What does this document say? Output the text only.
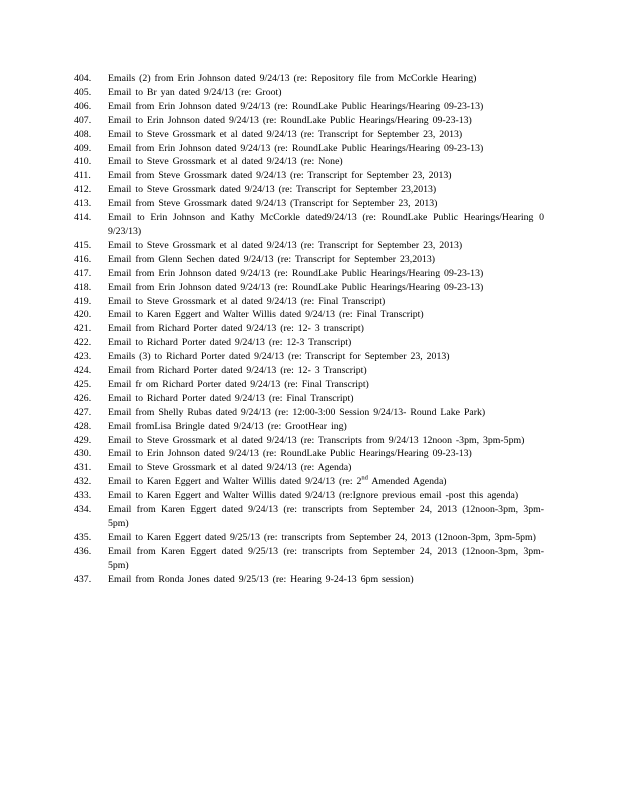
404.	Emails (2) from Erin Johnson dated 9/24/13 (re: Repository file from McCorkle Hearing)
405.	Email to Br yan dated 9/24/13 (re: Groot)
406.	Email from Erin Johnson dated 9/24/13 (re: RoundLake Public Hearings/Hearing 09-23-13)
407.	Email to Erin Johnson dated 9/24/13 (re: RoundLake Public Hearings/Hearing 09-23-13)
408.	Email to Steve Grossmark et al dated 9/24/13 (re: Transcript for September 23, 2013)
409.	Email from Erin Johnson dated 9/24/13 (re: RoundLake Public Hearings/Hearing 09-23-13)
410.	Email to Steve Grossmark et al dated 9/24/13 (re: None)
411.	Email from Steve Grossmark dated 9/24/13 (re: Transcript for September 23, 2013)
412.	Email to Steve Grossmark dated 9/24/13 (re: Transcript for September 23,2013)
413.	Email from Steve Grossmark dated 9/24/13 (Transcript for September 23, 2013)
414.	Email to Erin Johnson and Kathy McCorkle dated9/24/13 (re: RoundLake Public Hearings/Hearing 0 9/23/13)
415.	Email to Steve Grossmark et al dated 9/24/13 (re: Transcript for September 23, 2013)
416.	Email from Glenn Sechen dated 9/24/13 (re: Transcript for September 23,2013)
417.	Email from Erin Johnson dated 9/24/13 (re: RoundLake Public Hearings/Hearing 09-23-13)
418.	Email from Erin Johnson dated 9/24/13 (re: RoundLake Public Hearings/Hearing 09-23-13)
419.	Email to Steve Grossmark et al dated 9/24/13 (re: Final Transcript)
420.	Email to Karen Eggert and Walter Willis dated 9/24/13 (re: Final Transcript)
421.	Email from Richard Porter dated 9/24/13 (re: 12- 3 transcript)
422.	Email to Richard Porter dated 9/24/13 (re: 12-3 Transcript)
423.	Emails (3) to Richard Porter dated 9/24/13 (re: Transcript for September 23, 2013)
424.	Email from Richard Porter dated 9/24/13 (re: 12- 3 Transcript)
425.	Email fr om Richard Porter dated 9/24/13 (re: Final Transcript)
426.	Email to Richard Porter dated 9/24/13 (re: Final Transcript)
427.	Email from Shelly Rubas dated 9/24/13 (re: 12:00-3:00 Session 9/24/13- Round Lake Park)
428.	Email fromLisa Bringle dated 9/24/13 (re: GrootHear ing)
429.	Email to Steve Grossmark et al dated 9/24/13 (re: Transcripts from 9/24/13 12noon -3pm, 3pm-5pm)
430.	Email to Erin Johnson dated 9/24/13 (re: RoundLake Public Hearings/Hearing 09-23-13)
431.	Email to Steve Grossmark et al dated 9/24/13 (re: Agenda)
432.	Email to Karen Eggert and Walter Willis dated 9/24/13 (re: 2nd Amended Agenda)
433.	Email to Karen Eggert and Walter Willis dated 9/24/13 (re:Ignore previous email -post this agenda)
434.	Email from Karen Eggert dated 9/24/13 (re: transcripts from September 24, 2013 (12noon-3pm, 3pm-5pm)
435.	Email to Karen Eggert dated 9/25/13 (re: transcripts from September 24, 2013 (12noon-3pm, 3pm-5pm)
436.	Email from Karen Eggert dated 9/25/13 (re: transcripts from September 24, 2013 (12noon-3pm, 3pm-5pm)
437.	Email from Ronda Jones dated 9/25/13 (re: Hearing 9-24-13 6pm session)
